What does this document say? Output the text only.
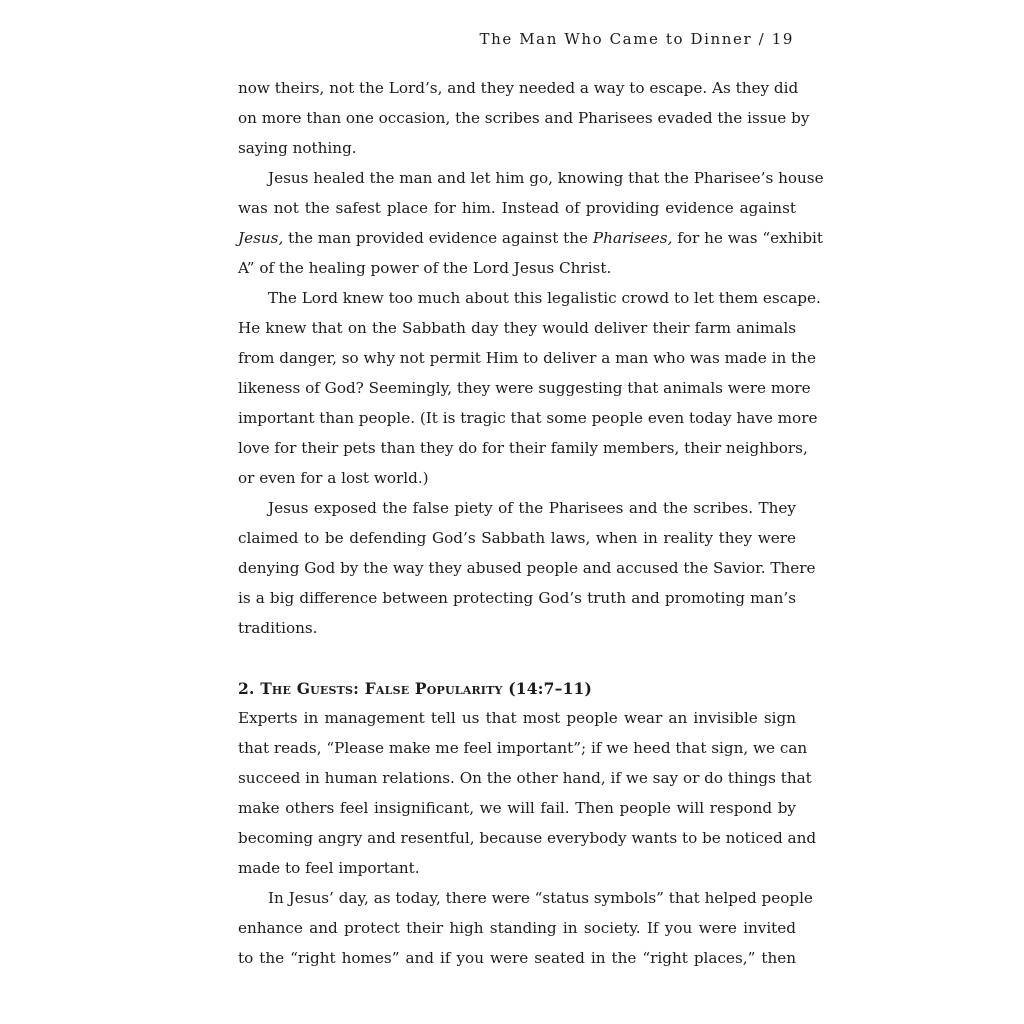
The Man Who Came to Dinner / 19
now theirs, not the Lord’s, and they needed a way to escape. As they did
on more than one occasion, the scribes and Pharisees evaded the issue by
saying nothing.
Jesus healed the man and let him go, knowing that the Pharisee’s house
was not the safest place for him. Instead of providing evidence against
Jesus, the man provided evidence against the Pharisees, for he was “exhibit
A” of the healing power of the Lord Jesus Christ.
The Lord knew too much about this legalistic crowd to let them escape.
He knew that on the Sabbath day they would deliver their farm animals
from danger, so why not permit Him to deliver a man who was made in the
likeness of God? Seemingly, they were suggesting that animals were more
important than people. (It is tragic that some people even today have more
love for their pets than they do for their family members, their neighbors,
or even for a lost world.)
Jesus exposed the false piety of the Pharisees and the scribes. They
claimed to be defending God’s Sabbath laws, when in reality they were
denying God by the way they abused people and accused the Savior. There
is a big difference between protecting God’s truth and promoting man’s
traditions.
2. The Guests: False Popularity (14:7–11)
Experts in management tell us that most people wear an invisible sign
that reads, “Please make me feel important”; if we heed that sign, we can
succeed in human relations. On the other hand, if we say or do things that
make others feel insignificant, we will fail. Then people will respond by
becoming angry and resentful, because everybody wants to be noticed and
made to feel important.
In Jesus’ day, as today, there were “status symbols” that helped people
enhance and protect their high standing in society. If you were invited
to the “right homes” and if you were seated in the “right places,” then
